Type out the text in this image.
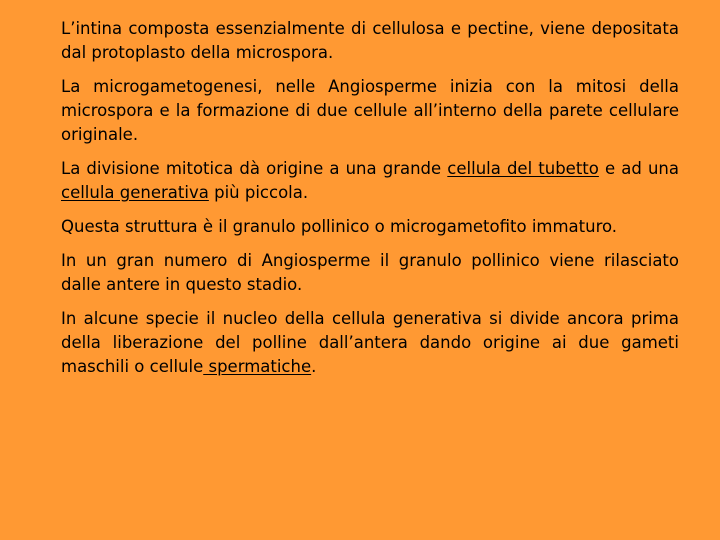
L’intina composta essenzialmente di cellulosa e pectine, viene depositata dal protoplasto della microspora.

La microgametogenesi, nelle Angiosperme inizia con la mitosi della microspora e la formazione di due cellule all’interno della parete cellulare originale.

La divisione mitotica dà origine a una grande cellula del tubetto e ad una cellula generativa più piccola.

Questa struttura è il granulo pollinico o microgametofito immaturo.

In un gran numero di Angiosperme il granulo pollinico viene rilasciato dalle antere in questo stadio.

In alcune specie il nucleo della cellula generativa si divide ancora prima della liberazione del polline dall’antera dando origine ai due gameti maschili o cellule spermatiche.
